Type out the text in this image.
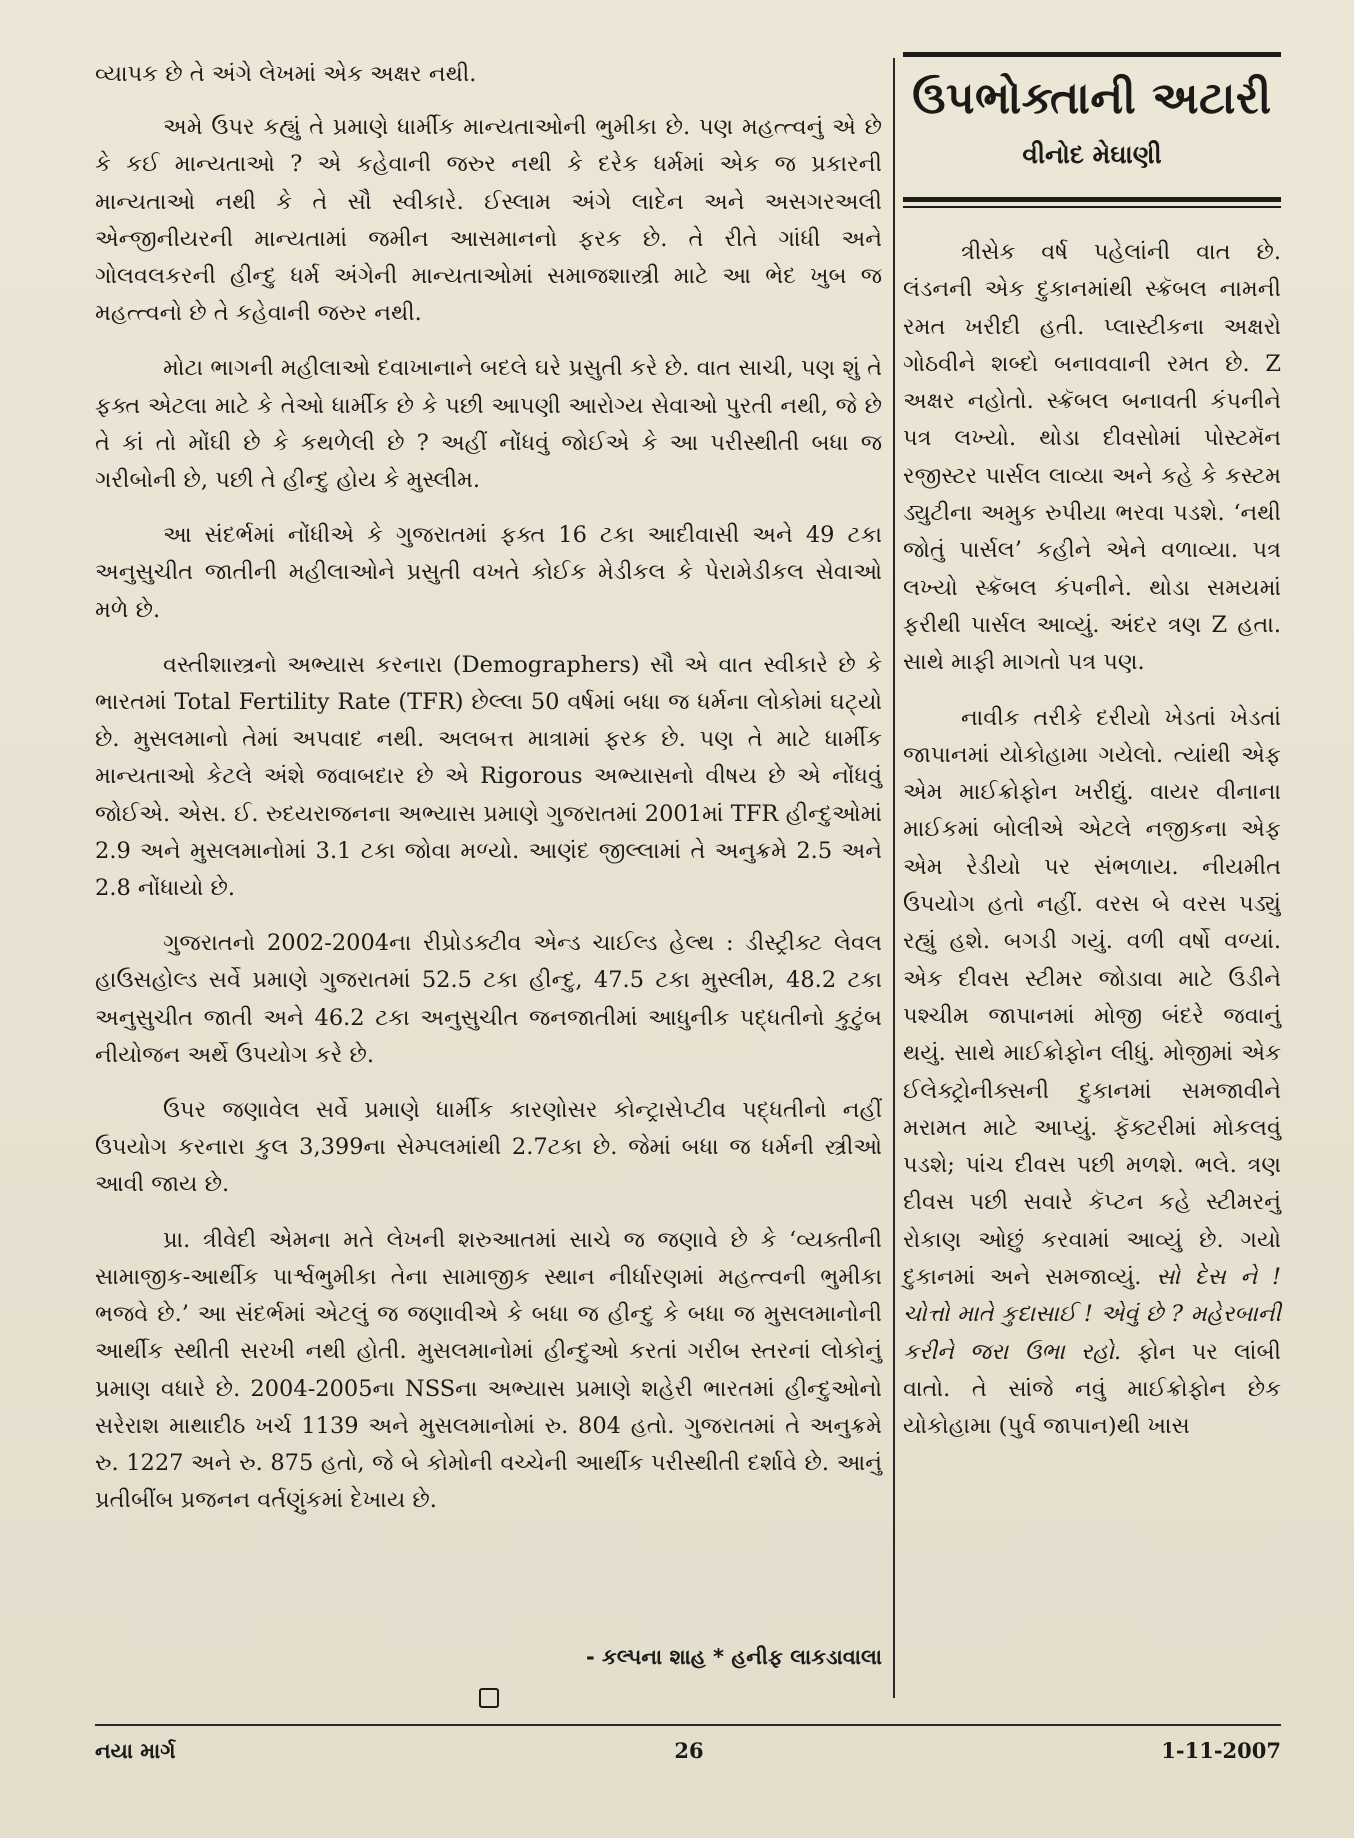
વ્યાપક છે તે અંગે લેખમાં એક અક્ષર નથી.

અમે ઉપર કહ્યું તે પ્રમાણે ધાર્મીક માન્યતાઓની ભુમીકા છે. પણ મહત્ત્વનું એ છે કે કઈ માન્યતાઓ ? એ કહેવાની જરુર નથી કે દરેક ધર્મમાં એક જ પ્રકારની માન્યતાઓ નથી કે તે સૌ સ્વીકારે. ઈસ્લામ અંગે લાદેન અને અસગરઅલી એન્જીનીયરની માન્યતામાં જમીન આસમાનનો ફરક છે. તે રીતે ગાંધી અને ગોલવલકરની હીન્દુ ધર્મ અંગેની માન્યતાઓમાં સમાજશાસ્ત્રી માટે આ ભેદ ખુબ જ મહત્ત્વનો છે તે કહેવાની જરુર નથી.

મોટા ભાગની મહીલાઓ દવાખાનાને બદલે ઘરે પ્રસુતી કરે છે. વાત સાચી, પણ શું તે ફક્ત એટલા માટે કે તેઓ ધાર્મીક છે કે પછી આપણી આરોગ્ય સેવાઓ પુરતી નથી, જે છે તે કાં તો મોંઘી છે કે કથળેલી છે ? અહીં નોંધવું જોઈએ કે આ પરીસ્થીતી બધા જ ગરીબોની છે, પછી તે હીન્દુ હોય કે મુસ્લીમ.

આ સંદર્ભમાં નોંધીએ કે ગુજરાતમાં ફક્ત 16 ટકા આદીવાસી અને 49 ટકા અનુસુચીત જાતીની મહીલાઓને પ્રસુતી વખતે કોઈક મેડીકલ કે પેરામેડીકલ સેવાઓ મળે છે.

વસ્તીશાસ્ત્રનો અભ્યાસ કરનારા (Demographers) સૌ એ વાત સ્વીકારે છે કે ભારતમાં Total Fertility Rate (TFR) છેલ્લા 50 વર્ષમાં બધા જ ધર્મના લોકોમાં ઘટ્યો છે. મુસલમાનો તેમાં અપવાદ નથી. અલબત્ત માત્રામાં ફરક છે. પણ તે માટે ધાર્મીક માન્યતાઓ કેટલે અંશે જવાબદાર છે એ Rigorous અભ્યાસનો વીષય છે એ નોંધવું જોઈએ. એસ. ઈ. રુદયરાજનના અભ્યાસ પ્રમાણે ગુજરાતમાં 2001માં TFR હીન્દુઓમાં 2.9 અને મુસલમાનોમાં 3.1 ટકા જોવા મળ્યો. આણંદ જીલ્લામાં તે અનુક્રમે 2.5 અને 2.8 નોંધાયો છે.

ગુજરાતનો 2002-2004ના રીપ્રોડક્ટીવ એન્ડ ચાઈલ્ડ હેલ્થ : ડીસ્ટ્રીક્ટ લેવલ હાઉસહોલ્ડ સર્વે પ્રમાણે ગુજરાતમાં 52.5 ટકા હીન્દુ, 47.5 ટકા મુસ્લીમ, 48.2 ટકા અનુસુચીત જાતી અને 46.2 ટકા અનુસુચીત જનજાતીમાં આધુનીક પદ્ધતીનો કુટુંબ નીયોજન અર્થે ઉપયોગ કરે છે.

ઉપર જણાવેલ સર્વે પ્રમાણે ધાર્મીક કારણોસર કોન્ટ્રાસેપ્ટીવ પદ્ધતીનો નહીં ઉપયોગ કરનારા કુલ 3,399ના સેમ્પલમાંથી 2.7ટકા છે. જેમાં બધા જ ધર્મની સ્ત્રીઓ આવી જાય છે.

પ્રા. ત્રીવેદી એમના મતે લેખની શરુઆતમાં સાચે જ જણાવે છે કે ‘વ્યક્તીની સામાજીક-આર્થીક પાર્શ્વભુમીકા તેના સામાજીક સ્થાન નીર્ધારણમાં મહત્ત્વની ભુમીકા ભજવે છે.’ આ સંદર્ભમાં એટલું જ જણાવીએ કે બધા જ હીન્દુ કે બધા જ મુસલમાનોની આર્થીક સ્થીતી સરખી નથી હોતી. મુસલમાનોમાં હીન્દુઓ કરતાં ગરીબ સ્તરનાં લોકોનું પ્રમાણ વધારે છે. 2004-2005ના NSSના અભ્યાસ પ્રમાણે શહેરી ભારતમાં હીન્દુઓનો સરેરાશ માથાદીઠ ખર્ચ 1139 અને મુસલમાનોમાં રુ. 804 હતો. ગુજરાતમાં તે અનુક્રમે રુ. 1227 અને રુ. 875 હતો, જે બે કોમોની વચ્ચેની આર્થીક પરીસ્થીતી દર્શાવે છે. આનું પ્રતીબીંબ પ્રજનન વર્તણુંકમાં દેખાય છે.

- કલ્પના શાહ * હનીફ લાકડાવાલા
ઉપભોક્તાની અટારી
વીનોદ મેઘાણી

ત્રીસેક વર્ષ પહેલાંની વાત છે. લંડનની એક દુકાનમાંથી સ્ક્રૅબલ નામની રમત ખરીદી હતી. પ્લાસ્ટીકના અક્ષરો ગોઠવીને શબ્દો બનાવવાની રમત છે. Z અક્ષર નહોતો. સ્ક્રૅબલ બનાવતી કંપનીને પત્ર લખ્યો. થોડા દીવસોમાં પોસ્ટમૅન રજીસ્ટર પાર્સલ લાવ્યા અને કહે કે કસ્ટમ ડ્યુટીના અમુક રુપીયા ભરવા પડશે. ‘નથી જોતું પાર્સલ’ કહીને એને વળાવ્યા. પત્ર લખ્યો સ્ક્રૅબલ કંપનીને. થોડા સમયમાં ફરીથી પાર્સલ આવ્યું. અંદર ત્રણ Z હતા. સાથે માફી માગતો પત્ર પણ.

નાવીક તરીકે દરીયો ખેડતાં ખેડતાં જાપાનમાં યોકોહામા ગયેલો. ત્યાંથી એફ એમ માઈક્રોફોન ખરીદ્યું. વાયર વીનાના માઈકમાં બોલીએ એટલે નજીકના એફ એમ રેડીયો પર સંભળાય. નીયમીત ઉપયોગ હતો નહીં. વરસ બે વરસ પડ્યું રહ્યું હશે. બગડી ગયું. વળી વર્ષો વળ્યાં. એક દીવસ સ્ટીમર જોડાવા માટે ઉડીને પશ્ચીમ જાપાનમાં મોજી બંદરે જવાનું થયું. સાથે માઈક્રોફોન લીધું. મોજીમાં એક ઈલેક્ટ્રોનીક્સની દુકાનમાં સમજાવીને મરામત માટે આપ્યું. ફૅક્ટરીમાં મોકલવું પડશે; પાંચ દીવસ પછી મળશે. ભલે. ત્રણ દીવસ પછી સવારે કૅપ્ટન કહે સ્ટીમરનું રોકાણ ઓછું કરવામાં આવ્યું છે. ગયો દુકાનમાં અને સમજાવ્યું. સો દેસ ને ! ચોત્તો માતે કુદાસાઈ ! એવું છે ? મહેરબાની કરીને જરા ઉભા રહો. ફોન પર લાંબી વાતો. તે સાંજે નવું માઈક્રોફોન છેક યોકોહામા (પુર્વ જાપાન)થી ખાસ

નયા માર્ગ	26	1-11-2007
